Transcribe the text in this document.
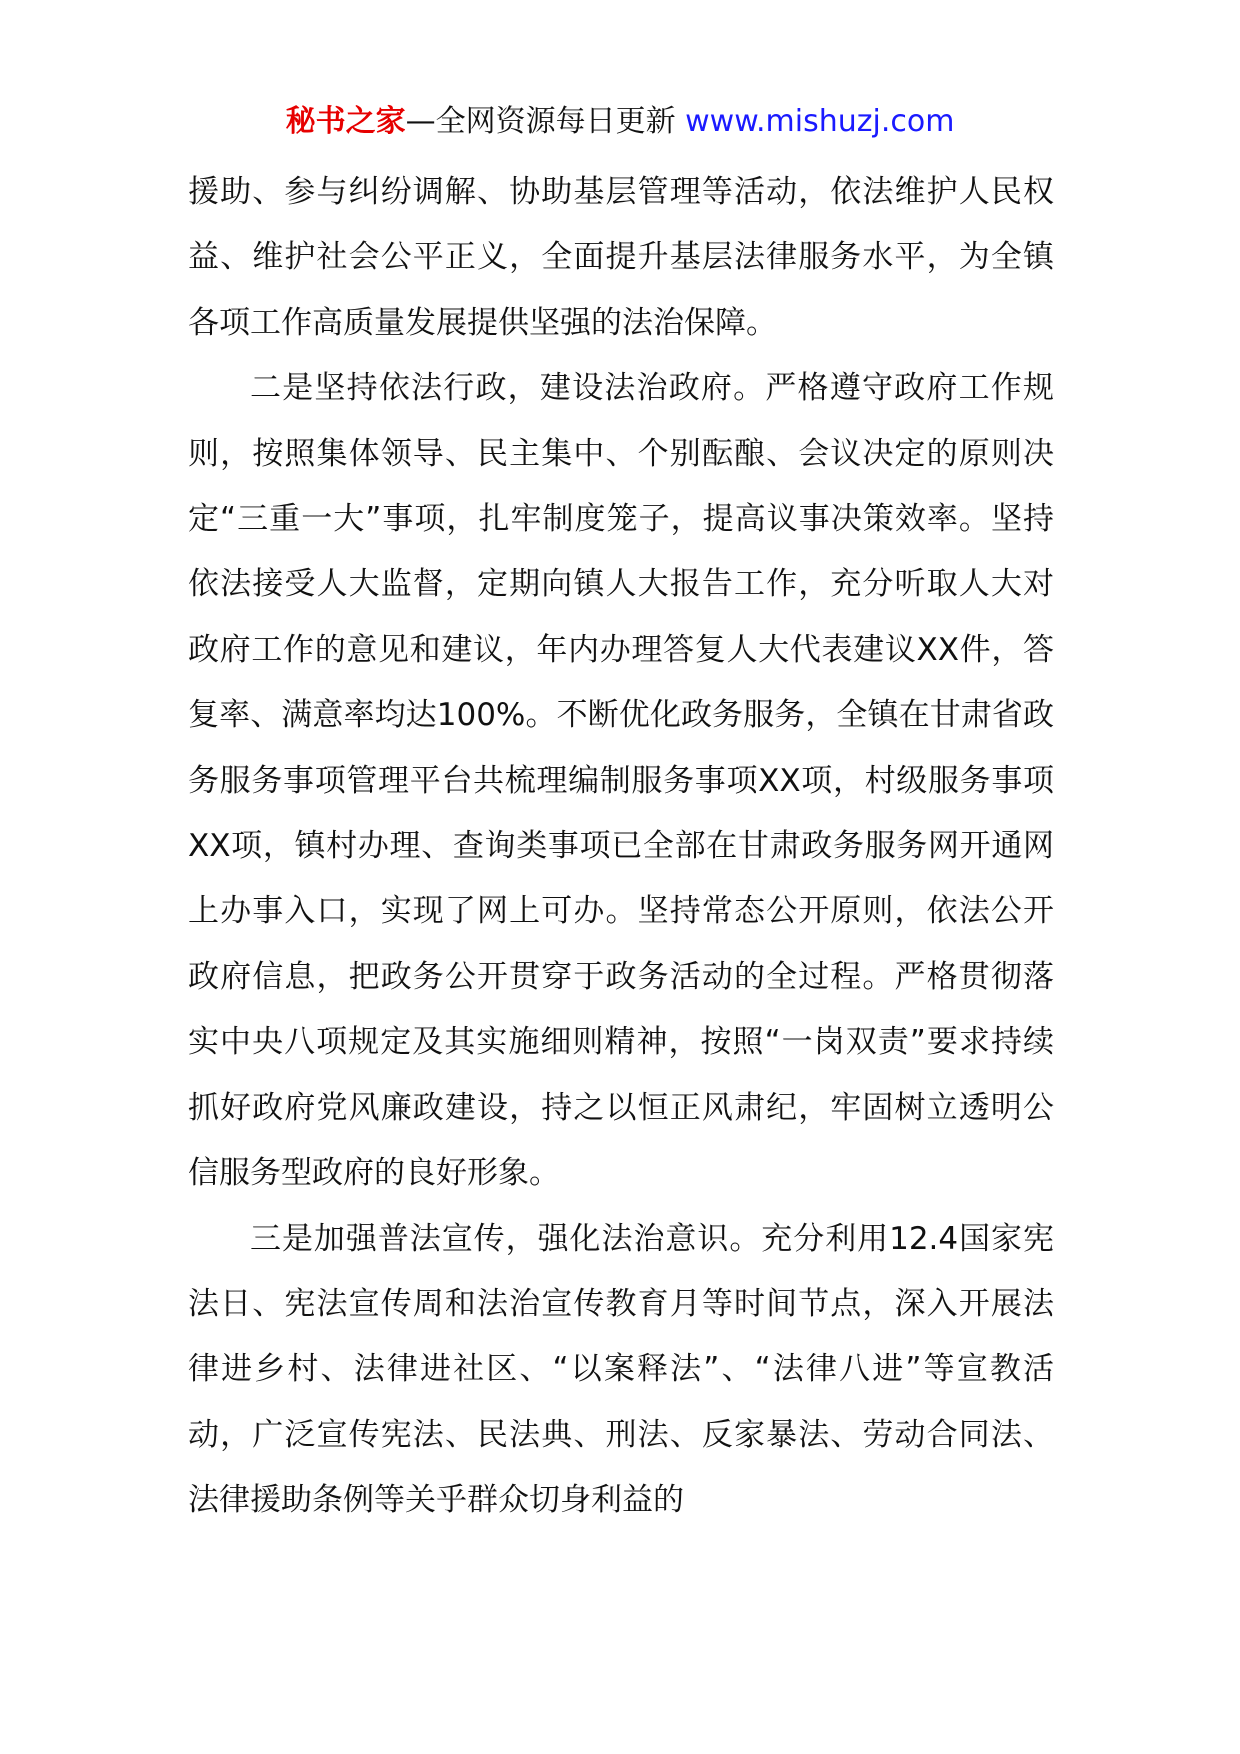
秘书之家—全网资源每日更新 www.mishuzj.com

援助、参与纠纷调解、协助基层管理等活动，依法维护人民权益、维护社会公平正义，全面提升基层法律服务水平，为全镇各项工作高质量发展提供坚强的法治保障。

二是坚持依法行政，建设法治政府。严格遵守政府工作规则，按照集体领导、民主集中、个别酝酿、会议决定的原则决定“三重一大”事项，扎牢制度笼子，提高议事决策效率。坚持依法接受人大监督，定期向镇人大报告工作，充分听取人大对政府工作的意见和建议，年内办理答复人大代表建议XX件，答复率、满意率均达100%。不断优化政务服务，全镇在甘肃省政务服务事项管理平台共梳理编制服务事项XX项，村级服务事项XX项，镇村办理、查询类事项已全部在甘肃政务服务网开通网上办事入口，实现了网上可办。坚持常态公开原则，依法公开政府信息，把政务公开贯穿于政务活动的全过程。严格贯彻落实中央八项规定及其实施细则精神，按照“一岗双责”要求持续抓好政府党风廉政建设，持之以恒正风肃纪，牢固树立透明公信服务型政府的良好形象。

三是加强普法宣传，强化法治意识。充分利用12.4国家宪法日、宪法宣传周和法治宣传教育月等时间节点，深入开展法律进乡村、法律进社区、“以案释法”、“法律八进”等宣教活动，广泛宣传宪法、民法典、刑法、反家暴法、劳动合同法、法律援助条例等关乎群众切身利益的
